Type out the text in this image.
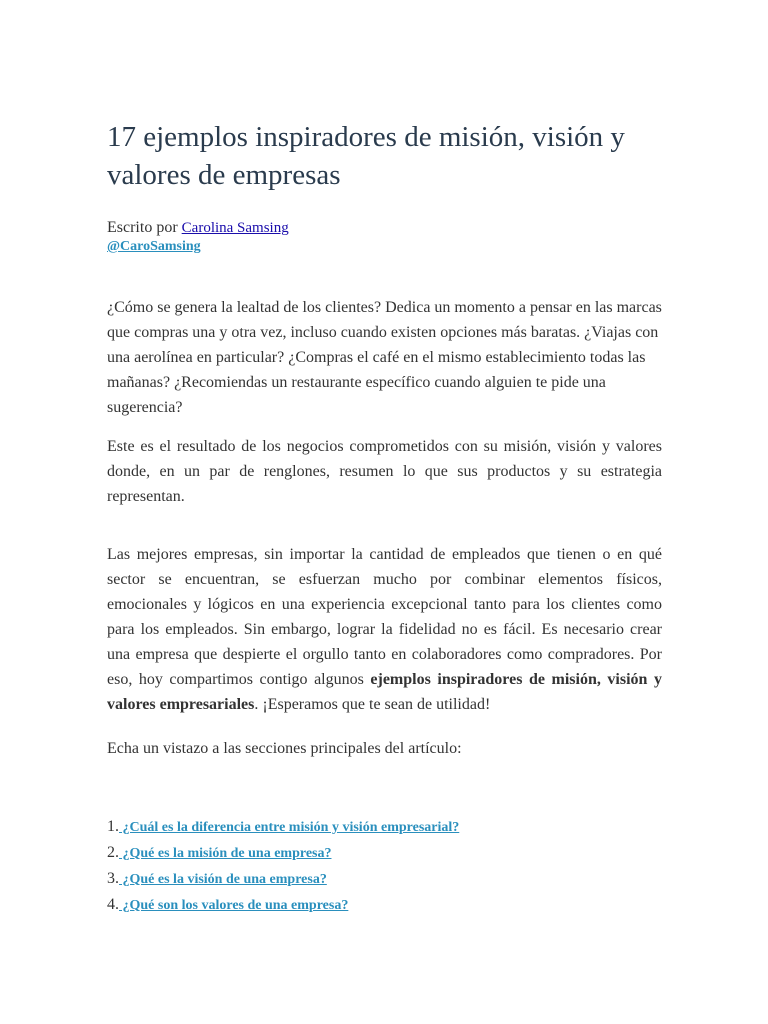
17 ejemplos inspiradores de misión, visión y valores de empresas
Escrito por Carolina Samsing
@CaroSamsing

¿Cómo se genera la lealtad de los clientes? Dedica un momento a pensar en las marcas que compras una y otra vez, incluso cuando existen opciones más baratas. ¿Viajas con una aerolínea en particular? ¿Compras el café en el mismo establecimiento todas las mañanas? ¿Recomiendas un restaurante específico cuando alguien te pide una sugerencia?

Este es el resultado de los negocios comprometidos con su misión, visión y valores donde, en un par de renglones, resumen lo que sus productos y su estrategia representan.

Las mejores empresas, sin importar la cantidad de empleados que tienen o en qué sector se encuentran, se esfuerzan mucho por combinar elementos físicos, emocionales y lógicos en una experiencia excepcional tanto para los clientes como para los empleados. Sin embargo, lograr la fidelidad no es fácil. Es necesario crear una empresa que despierte el orgullo tanto en colaboradores como compradores. Por eso, hoy compartimos contigo algunos ejemplos inspiradores de misión, visión y valores empresariales. ¡Esperamos que te sean de utilidad!

Echa un vistazo a las secciones principales del artículo:

1. ¿Cuál es la diferencia entre misión y visión empresarial?
2. ¿Qué es la misión de una empresa?
3. ¿Qué es la visión de una empresa?
4. ¿Qué son los valores de una empresa?
